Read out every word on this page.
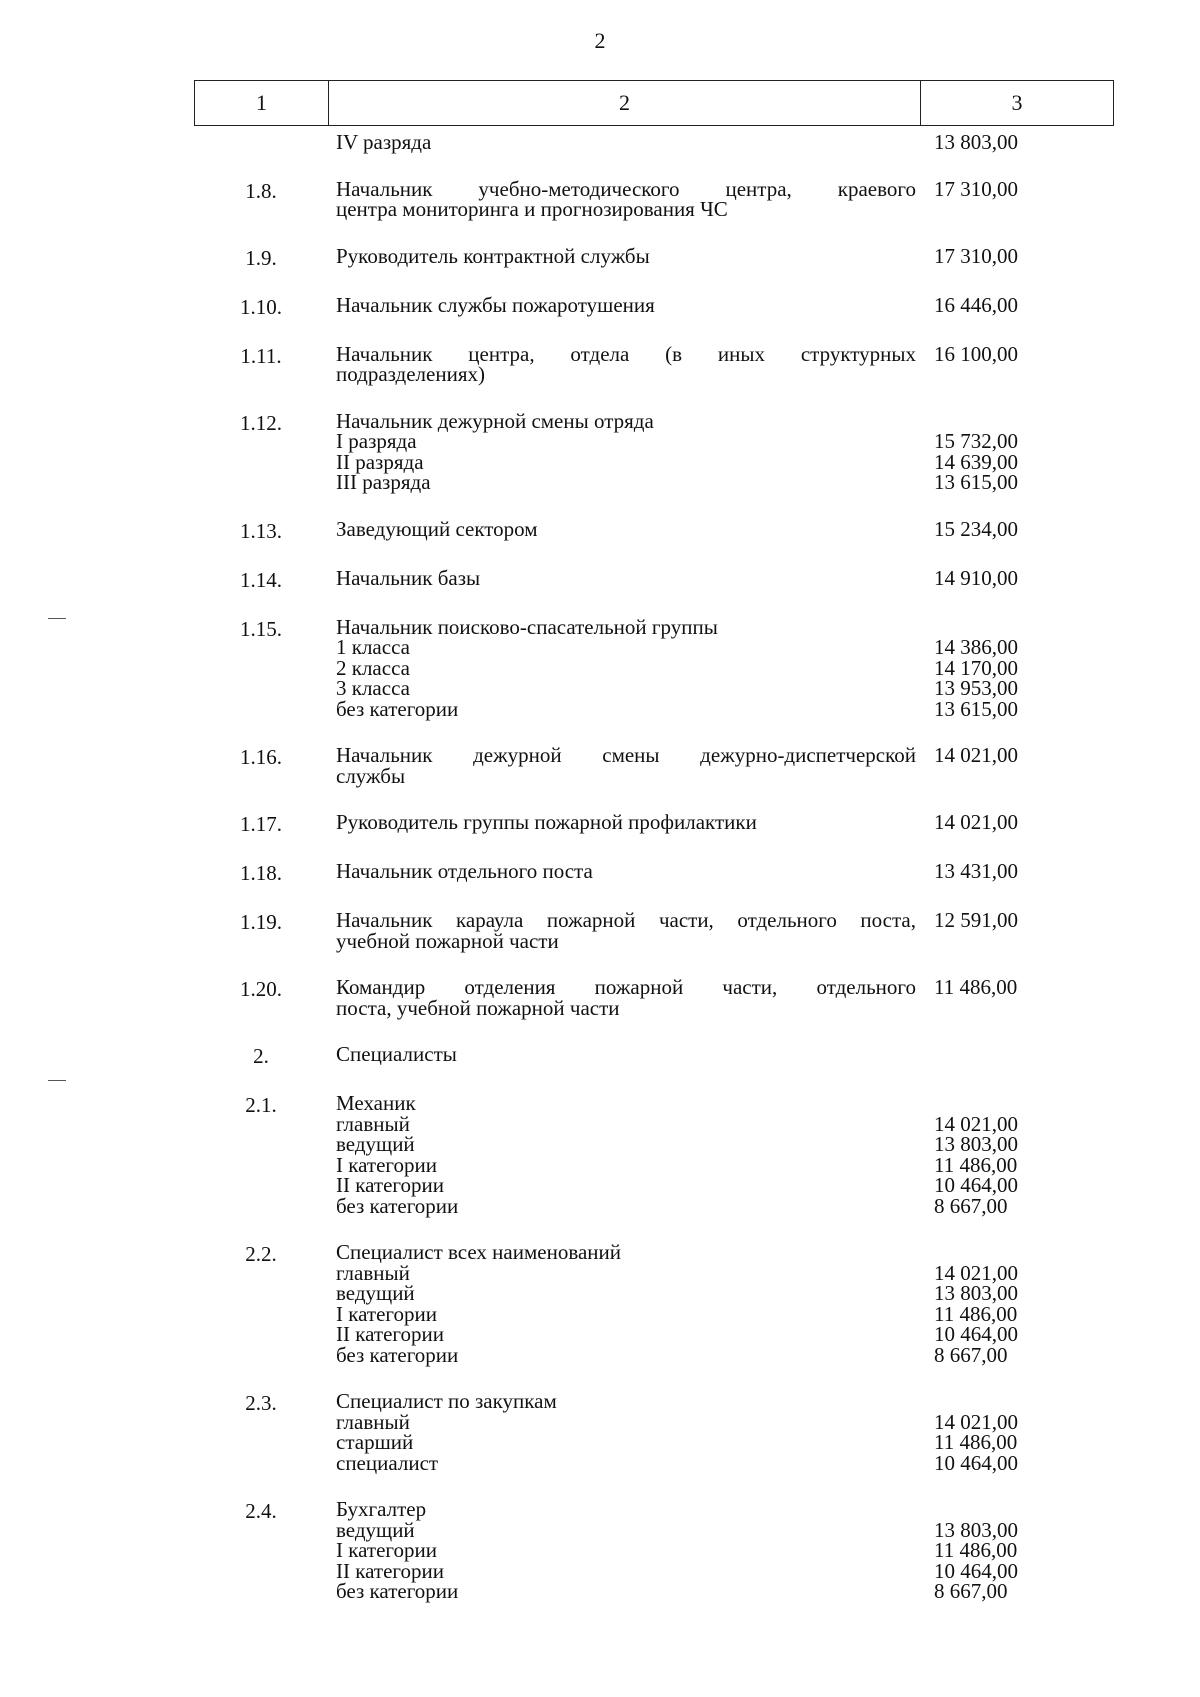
2
1	2	3
IV разряда	13 803,00
1.8.	Начальник учебно-методического центра, краевого 17 310,00
центра мониторинга и прогнозирования ЧС
1.9.	Руководитель контрактной службы	17 310,00
1.10.	Начальник службы пожаротушения	16 446,00
1.11.	Начальник центра, отдела (в иных структурных 16 100,00
подразделениях)
1.12.	Начальник дежурной смены отряда
I разряда	15 732,00
II разряда	14 639,00
III разряда	13 615,00
1.13.	Заведующий сектором	15 234,00
1.14.	Начальник базы	14 910,00
1.15.	Начальник поисково-спасательной группы
1 класса	14 386,00
2 класса	14 170,00
3 класса	13 953,00
без категории	13 615,00
1.16.	Начальник дежурной смены дежурно-диспетчерской 14 021,00
службы
1.17.	Руководитель группы пожарной профилактики	14 021,00
1.18.	Начальник отдельного поста	13 431,00
1.19.	Начальник караула пожарной части, отдельного поста, 12 591,00
учебной пожарной части
1.20.	Командир отделения пожарной части, отдельного 11 486,00
поста, учебной пожарной части
2.	Специалисты
2.1.	Механик
главный	14 021,00
ведущий	13 803,00
I категории	11 486,00
II категории	10 464,00
без категории	8 667,00
2.2.	Специалист всех наименований
главный	14 021,00
ведущий	13 803,00
I категории	11 486,00
II категории	10 464,00
без категории	8 667,00
2.3.	Специалист по закупкам
главный	14 021,00
старший	11 486,00
специалист	10 464,00
2.4.	Бухгалтер
ведущий	13 803,00
I категории	11 486,00
II категории	10 464,00
без категории	8 667,00
